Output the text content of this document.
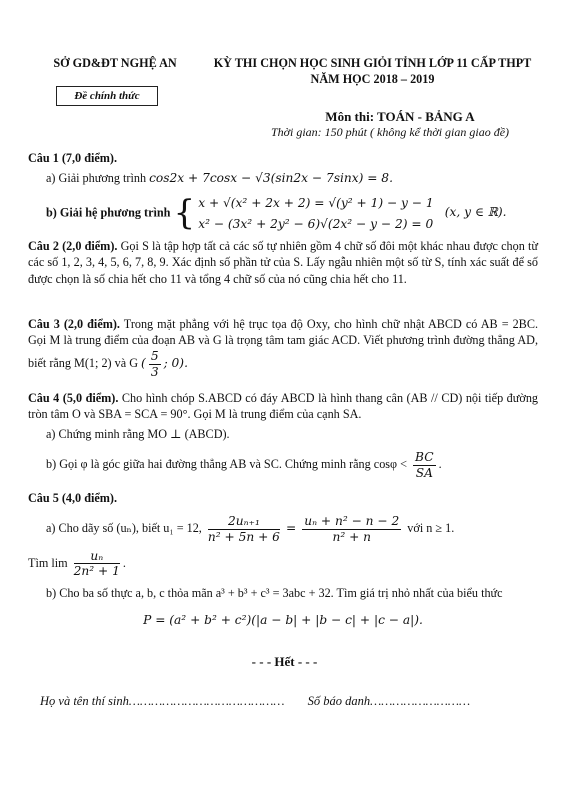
SỞ GD&ĐT NGHỆ AN
Đề chính thức
KỲ THI CHỌN HỌC SINH GIỎI TỈNH LỚP 11 CẤP THPT
NĂM HỌC 2018 – 2019
Môn thi: TOÁN - BẢNG A
Thời gian: 150 phút ( không kể thời gian giao đề)
Câu 1 (7,0 điểm).
a) Giải phương trình cos2x + 7cosx − √3(sin2x − 7sinx) = 8.
b) Giải hệ phương trình { x + √(x² + 2x + 2) = √(y² + 1) − y − 1
x² − (3x² + 2y² − 6)√(2x² − y − 2) = 0
(x, y ∈ ℝ).
Câu 2 (2,0 điểm). Gọi S là tập hợp tất cả các số tự nhiên gồm 4 chữ số đôi một khác nhau được chọn từ các số 1, 2, 3, 4, 5, 6, 7, 8, 9. Xác định số phần tử của S. Lấy ngẫu nhiên một số từ S, tính xác suất để số được chọn là số chia hết cho 11 và tổng 4 chữ số của nó cũng chia hết cho 11.
Câu 3 (2,0 điểm). Trong mặt phẳng với hệ trục tọa độ Oxy, cho hình chữ nhật ABCD có AB = 2BC. Gọi M là trung điểm của đoạn AB và G là trọng tâm tam giác ACD. Viết phương trình đường thẳng AD, biết rằng M(1; 2) và G ( $\frac{5}{3}$ ; 0).
Câu 4 (5,0 điểm). Cho hình chóp S.ABCD có đáy ABCD là hình thang cân (AB // CD) nội tiếp đường tròn tâm O và SBA = SCA = 90°. Gọi M là trung điểm của cạnh SA.
a) Chứng minh rằng MO ⊥ (ABCD).
b) Gọi φ là góc giữa hai đường thẳng AB và SC. Chứng minh rằng $\cos\varphi < \frac{BC}{SA}$ .
Câu 5 (4,0 điểm).
a) Cho dãy số (uₙ), biết u₁ = 12, $\frac{\text{2uₙ₊₁}}{\text{n² + 5n + 6}} = \frac{\text{uₙ + n² − n − 2}}{\text{n² + n}}$ với n ≥ 1.
Tìm $\lim \frac{\text{uₙ}}{\text{2n² + 1}}$ .
b) Cho ba số thực a, b, c thỏa mãn a³ + b³ + c³ = 3abc + 32. Tìm giá trị nhỏ nhất của biểu thức
P = (a² + b² + c²)(|a − b| + |b − c| + |c − a|).
- - - Hết - - -
Họ và tên thí sinh…………………………………… Số báo danh………………………
